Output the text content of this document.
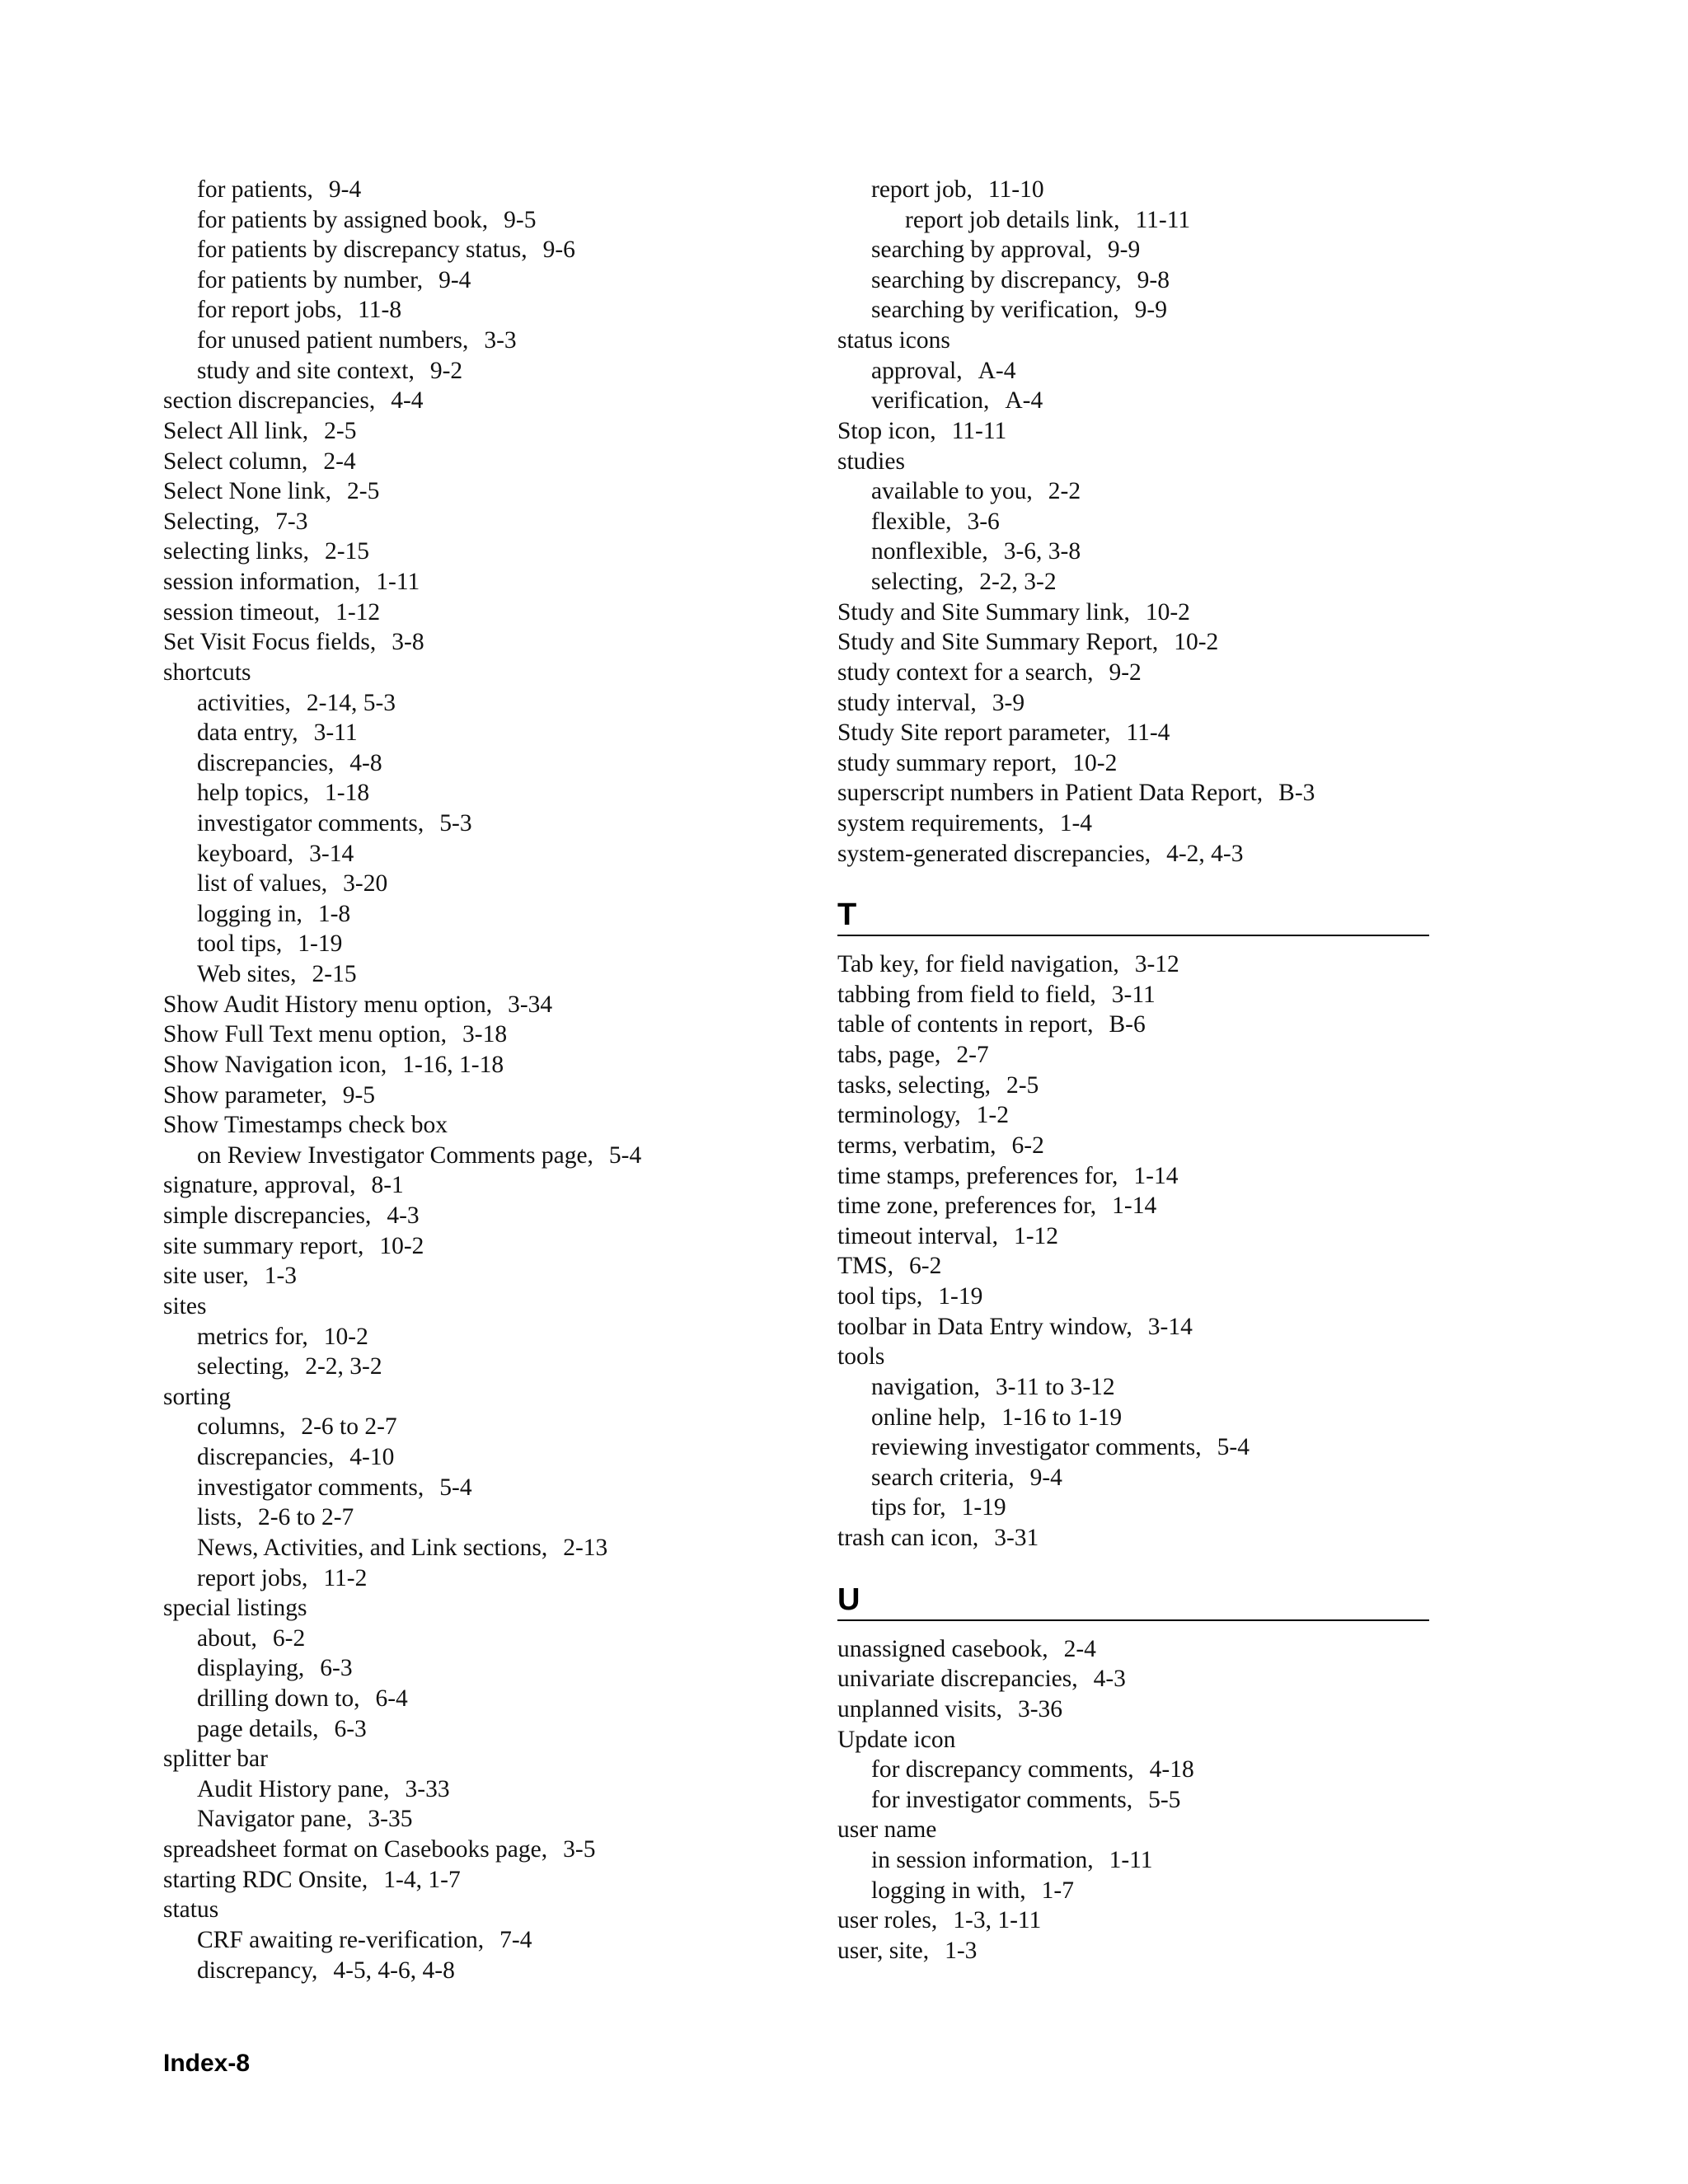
for patients , 9-4
for patients by assigned book , 9-5
for patients by discrepancy status , 9-6
for patients by number , 9-4
for report jobs , 11-8
for unused patient numbers , 3-3
study and site context , 9-2
section discrepancies , 4-4
Select All link , 2-5
Select column , 2-4
Select None link , 2-5
Selecting , 7-3
selecting links , 2-15
session information , 1-11
session timeout , 1-12
Set Visit Focus fields , 3-8
shortcuts
activities , 2-14, 5-3
data entry , 3-11
discrepancies , 4-8
help topics , 1-18
investigator comments , 5-3
keyboard , 3-14
list of values , 3-20
logging in , 1-8
tool tips , 1-19
Web sites , 2-15
Show Audit History menu option , 3-34
Show Full Text menu option , 3-18
Show Navigation icon , 1-16, 1-18
Show parameter , 9-5
Show Timestamps check box
on Review Investigator Comments page , 5-4
signature, approval , 8-1
simple discrepancies , 4-3
site summary report , 10-2
site user , 1-3
sites
metrics for , 10-2
selecting , 2-2, 3-2
sorting
columns , 2-6 to 2-7
discrepancies , 4-10
investigator comments , 5-4
lists , 2-6 to 2-7
News, Activities, and Link sections , 2-13
report jobs , 11-2
special listings
about , 6-2
displaying , 6-3
drilling down to , 6-4
page details , 6-3
splitter bar
Audit History pane , 3-33
Navigator pane , 3-35
spreadsheet format on Casebooks page , 3-5
starting RDC Onsite , 1-4, 1-7
status
CRF awaiting re-verification , 7-4
discrepancy , 4-5, 4-6, 4-8
report job , 11-10
report job details link , 11-11
searching by approval , 9-9
searching by discrepancy , 9-8
searching by verification , 9-9
status icons
approval , A-4
verification , A-4
Stop icon , 11-11
studies
available to you , 2-2
flexible , 3-6
nonflexible , 3-6, 3-8
selecting , 2-2, 3-2
Study and Site Summary link , 10-2
Study and Site Summary Report , 10-2
study context for a search , 9-2
study interval , 3-9
Study Site report parameter , 11-4
study summary report , 10-2
superscript numbers in Patient Data Report , B-3
system requirements , 1-4
system-generated discrepancies , 4-2, 4-3
T
Tab key, for field navigation , 3-12
tabbing from field to field , 3-11
table of contents in report , B-6
tabs, page , 2-7
tasks, selecting , 2-5
terminology , 1-2
terms, verbatim , 6-2
time stamps, preferences for , 1-14
time zone, preferences for , 1-14
timeout interval , 1-12
TMS , 6-2
tool tips , 1-19
toolbar in Data Entry window , 3-14
tools
navigation , 3-11 to 3-12
online help , 1-16 to 1-19
reviewing investigator comments , 5-4
search criteria , 9-4
tips for , 1-19
trash can icon , 3-31
U
unassigned casebook , 2-4
univariate discrepancies , 4-3
unplanned visits , 3-36
Update icon
for discrepancy comments , 4-18
for investigator comments , 5-5
user name
in session information , 1-11
logging in with , 1-7
user roles , 1-3, 1-11
user, site , 1-3
Index-8
